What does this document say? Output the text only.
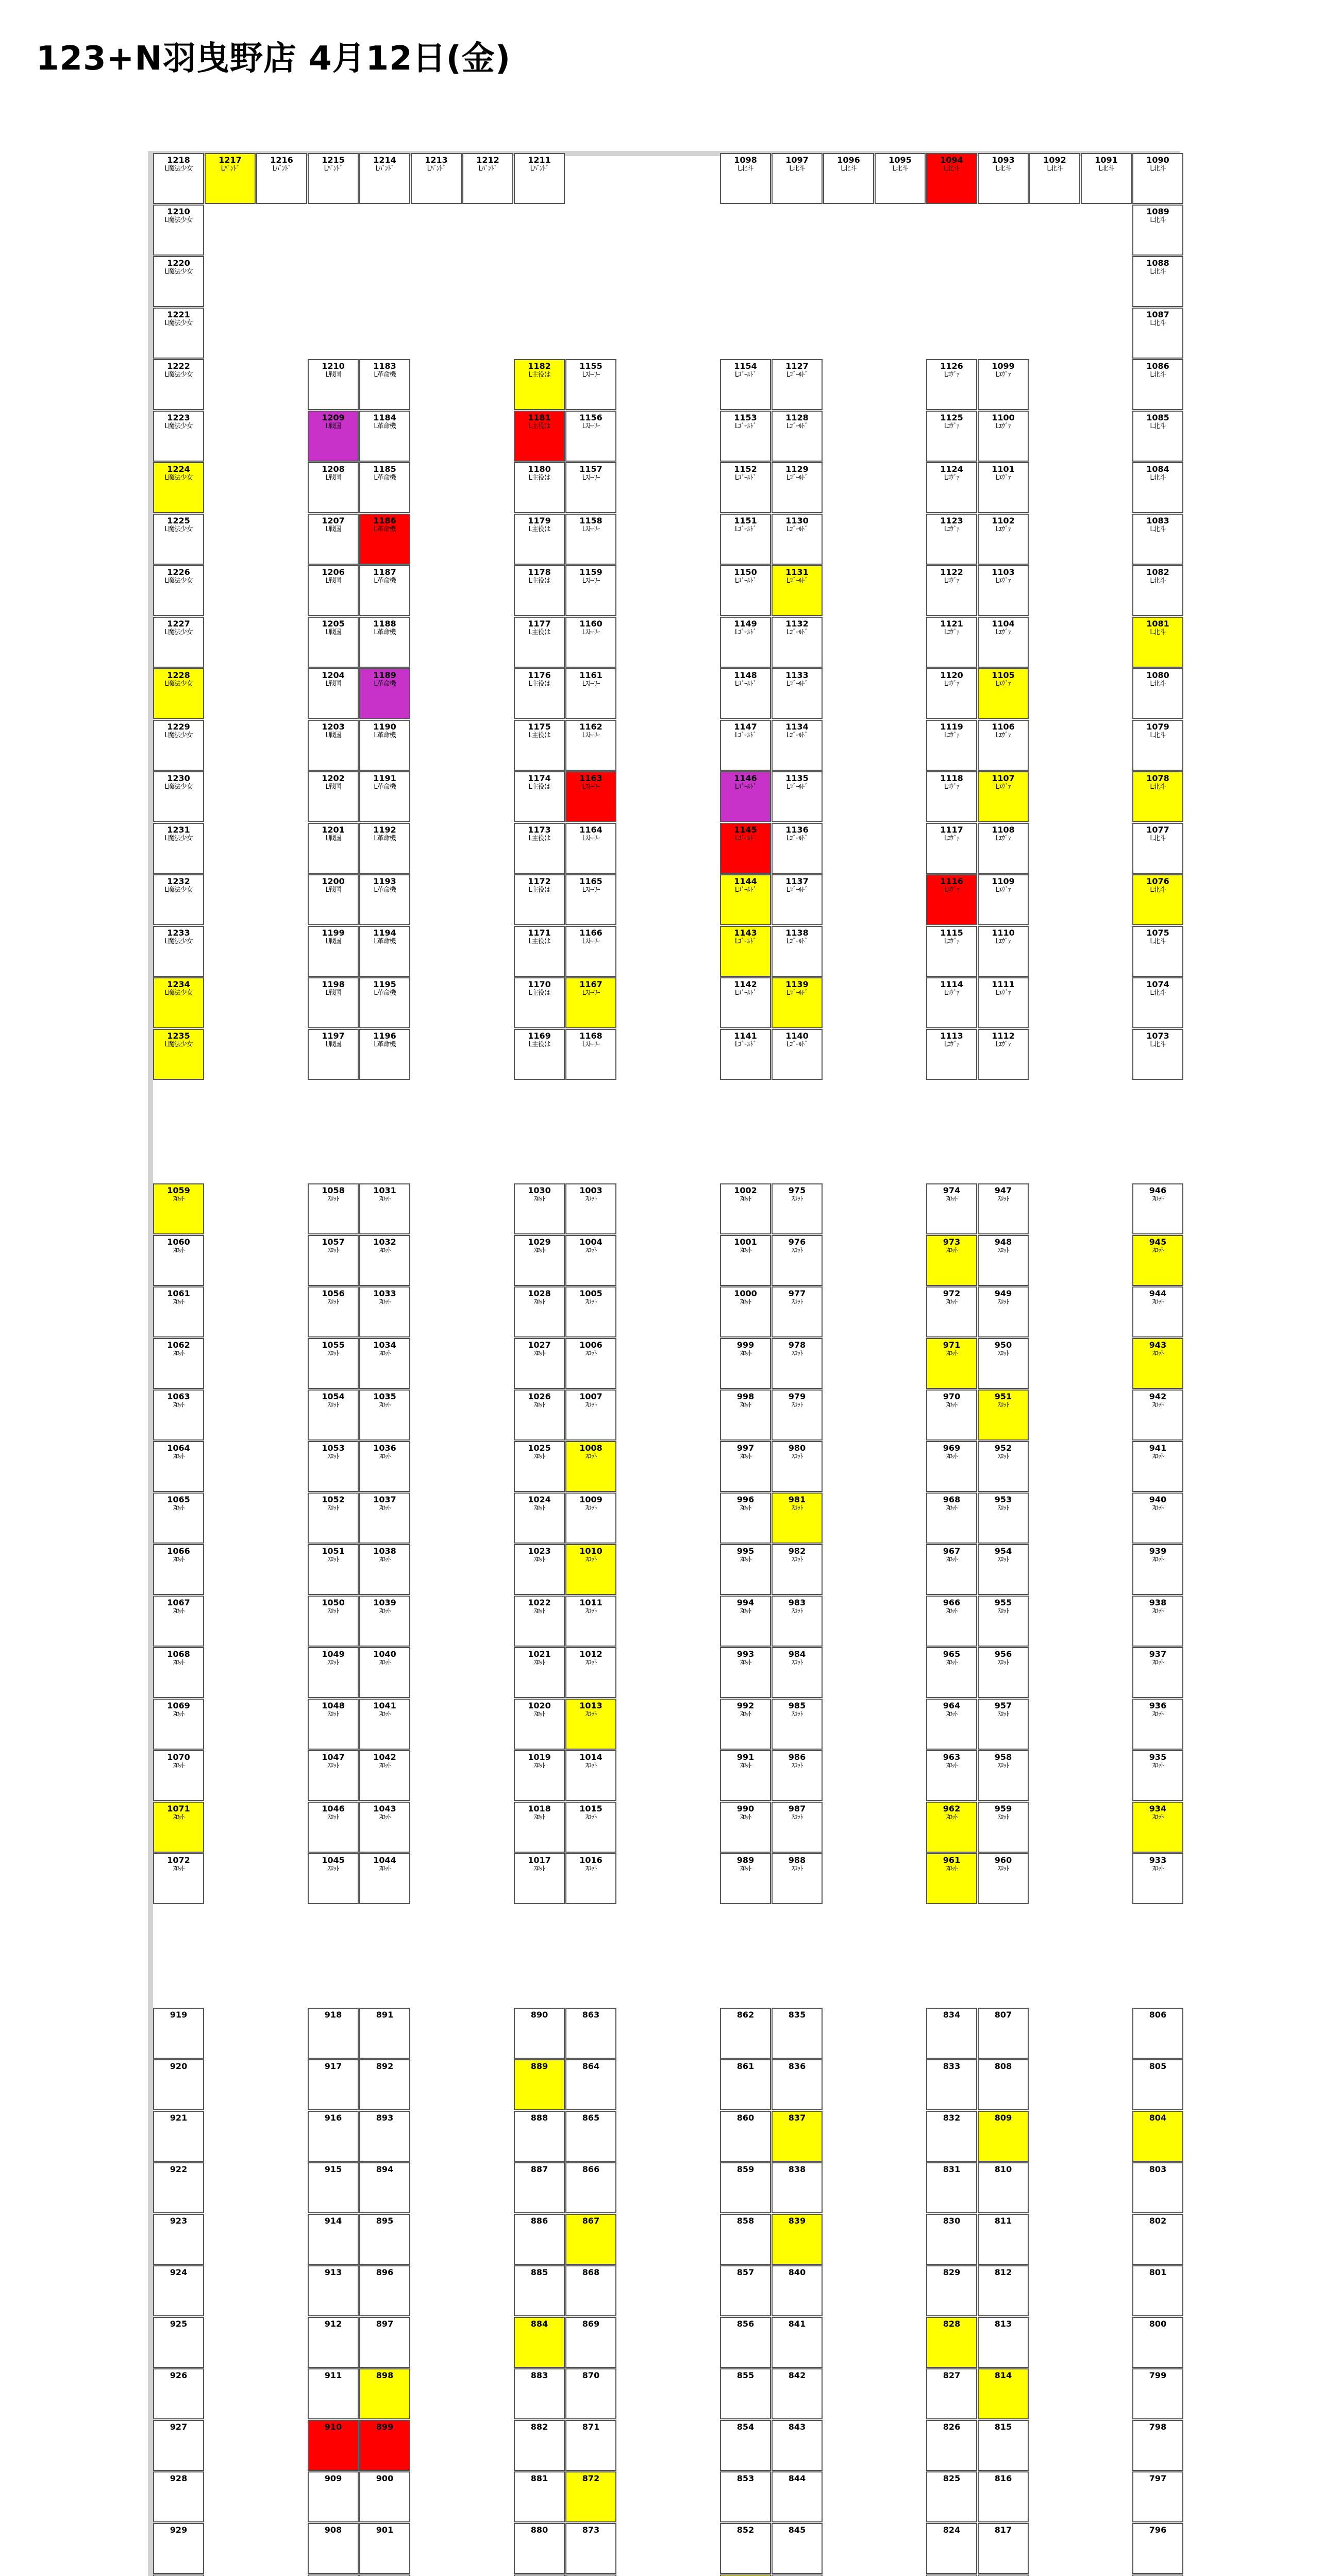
123+N羽曳野店 4月12日(金)
1218
L魔法少女
1210
L魔法少女
1220
L魔法少女
1221
L魔法少女
1222
L魔法少女
1223
L魔法少女
1224
L魔法少女
1225
L魔法少女
1226
L魔法少女
1227
L魔法少女
1228
L魔法少女
1229
L魔法少女
1230
L魔法少女
1231
L魔法少女
1232
L魔法少女
1233
L魔法少女
1234
L魔法少女
1235
L魔法少女
1059
ｽﾛｯﾄ
1060
ｽﾛｯﾄ
1061
ｽﾛｯﾄ
1062
ｽﾛｯﾄ
1063
ｽﾛｯﾄ
1064
ｽﾛｯﾄ
1065
ｽﾛｯﾄ
1066
ｽﾛｯﾄ
1067
ｽﾛｯﾄ
1068
ｽﾛｯﾄ
1069
ｽﾛｯﾄ
1070
ｽﾛｯﾄ
1071
ｽﾛｯﾄ
1072
ｽﾛｯﾄ
919
920
921
922
923
924
925
926
927
928
929
1217
Lﾊﾞﾝﾄﾞ
1216
Lﾊﾞﾝﾄﾞ
1215
Lﾊﾞﾝﾄﾞ
1210
L戦国
1209
L戦国
1208
L戦国
1207
L戦国
1206
L戦国
1205
L戦国
1204
L戦国
1203
L戦国
1202
L戦国
1201
L戦国
1200
L戦国
1199
L戦国
1198
L戦国
1197
L戦国
1058
ｽﾛｯﾄ
1057
ｽﾛｯﾄ
1056
ｽﾛｯﾄ
1055
ｽﾛｯﾄ
1054
ｽﾛｯﾄ
1053
ｽﾛｯﾄ
1052
ｽﾛｯﾄ
1051
ｽﾛｯﾄ
1050
ｽﾛｯﾄ
1049
ｽﾛｯﾄ
1048
ｽﾛｯﾄ
1047
ｽﾛｯﾄ
1046
ｽﾛｯﾄ
1045
ｽﾛｯﾄ
918
917
916
915
914
913
912
911
910
909
908
1214
Lﾊﾞﾝﾄﾞ
1183
L革命機
1184
L革命機
1185
L革命機
1186
L革命機
1187
L革命機
1188
L革命機
1189
L革命機
1190
L革命機
1191
L革命機
1192
L革命機
1193
L革命機
1194
L革命機
1195
L革命機
1196
L革命機
1031
ｽﾛｯﾄ
1032
ｽﾛｯﾄ
1033
ｽﾛｯﾄ
1034
ｽﾛｯﾄ
1035
ｽﾛｯﾄ
1036
ｽﾛｯﾄ
1037
ｽﾛｯﾄ
1038
ｽﾛｯﾄ
1039
ｽﾛｯﾄ
1040
ｽﾛｯﾄ
1041
ｽﾛｯﾄ
1042
ｽﾛｯﾄ
1043
ｽﾛｯﾄ
1044
ｽﾛｯﾄ
891
892
893
894
895
896
897
898
899
900
901
1213
Lﾊﾞﾝﾄﾞ
1212
Lﾊﾞﾝﾄﾞ
1211
Lﾊﾞﾝﾄﾞ
1182
L主役は
1181
L主役は
1180
L主役は
1179
L主役は
1178
L主役は
1177
L主役は
1176
L主役は
1175
L主役は
1174
L主役は
1173
L主役は
1172
L主役は
1171
L主役は
1170
L主役は
1169
L主役は
1030
ｽﾛｯﾄ
1029
ｽﾛｯﾄ
1028
ｽﾛｯﾄ
1027
ｽﾛｯﾄ
1026
ｽﾛｯﾄ
1025
ｽﾛｯﾄ
1024
ｽﾛｯﾄ
1023
ｽﾛｯﾄ
1022
ｽﾛｯﾄ
1021
ｽﾛｯﾄ
1020
ｽﾛｯﾄ
1019
ｽﾛｯﾄ
1018
ｽﾛｯﾄ
1017
ｽﾛｯﾄ
890
889
888
887
886
885
884
883
882
881
880
1155
Lｽﾄｰﾘｰ
1156
Lｽﾄｰﾘｰ
1157
Lｽﾄｰﾘｰ
1158
Lｽﾄｰﾘｰ
1159
Lｽﾄｰﾘｰ
1160
Lｽﾄｰﾘｰ
1161
Lｽﾄｰﾘｰ
1162
Lｽﾄｰﾘｰ
1163
Lｽﾄｰﾘｰ
1164
Lｽﾄｰﾘｰ
1165
Lｽﾄｰﾘｰ
1166
Lｽﾄｰﾘｰ
1167
Lｽﾄｰﾘｰ
1168
Lｽﾄｰﾘｰ
1003
ｽﾛｯﾄ
1004
ｽﾛｯﾄ
1005
ｽﾛｯﾄ
1006
ｽﾛｯﾄ
1007
ｽﾛｯﾄ
1008
ｽﾛｯﾄ
1009
ｽﾛｯﾄ
1010
ｽﾛｯﾄ
1011
ｽﾛｯﾄ
1012
ｽﾛｯﾄ
1013
ｽﾛｯﾄ
1014
ｽﾛｯﾄ
1015
ｽﾛｯﾄ
1016
ｽﾛｯﾄ
863
864
865
866
867
868
869
870
871
872
873
1098
L北斗
1154
Lｺﾞｰﾙﾄﾞ
1153
Lｺﾞｰﾙﾄﾞ
1152
Lｺﾞｰﾙﾄﾞ
1151
Lｺﾞｰﾙﾄﾞ
1150
Lｺﾞｰﾙﾄﾞ
1149
Lｺﾞｰﾙﾄﾞ
1148
Lｺﾞｰﾙﾄﾞ
1147
Lｺﾞｰﾙﾄﾞ
1146
Lｺﾞｰﾙﾄﾞ
1145
Lｺﾞｰﾙﾄﾞ
1144
Lｺﾞｰﾙﾄﾞ
1143
Lｺﾞｰﾙﾄﾞ
1142
Lｺﾞｰﾙﾄﾞ
1141
Lｺﾞｰﾙﾄﾞ
1002
ｽﾛｯﾄ
1001
ｽﾛｯﾄ
1000
ｽﾛｯﾄ
999
ｽﾛｯﾄ
998
ｽﾛｯﾄ
997
ｽﾛｯﾄ
996
ｽﾛｯﾄ
995
ｽﾛｯﾄ
994
ｽﾛｯﾄ
993
ｽﾛｯﾄ
992
ｽﾛｯﾄ
991
ｽﾛｯﾄ
990
ｽﾛｯﾄ
989
ｽﾛｯﾄ
862
861
860
859
858
857
856
855
854
853
852
1097
L北斗
1127
Lｺﾞｰﾙﾄﾞ
1128
Lｺﾞｰﾙﾄﾞ
1129
Lｺﾞｰﾙﾄﾞ
1130
Lｺﾞｰﾙﾄﾞ
1131
Lｺﾞｰﾙﾄﾞ
1132
Lｺﾞｰﾙﾄﾞ
1133
Lｺﾞｰﾙﾄﾞ
1134
Lｺﾞｰﾙﾄﾞ
1135
Lｺﾞｰﾙﾄﾞ
1136
Lｺﾞｰﾙﾄﾞ
1137
Lｺﾞｰﾙﾄﾞ
1138
Lｺﾞｰﾙﾄﾞ
1139
Lｺﾞｰﾙﾄﾞ
1140
Lｺﾞｰﾙﾄﾞ
975
ｽﾛｯﾄ
976
ｽﾛｯﾄ
977
ｽﾛｯﾄ
978
ｽﾛｯﾄ
979
ｽﾛｯﾄ
980
ｽﾛｯﾄ
981
ｽﾛｯﾄ
982
ｽﾛｯﾄ
983
ｽﾛｯﾄ
984
ｽﾛｯﾄ
985
ｽﾛｯﾄ
986
ｽﾛｯﾄ
987
ｽﾛｯﾄ
988
ｽﾛｯﾄ
835
836
837
838
839
840
841
842
843
844
845
1096
L北斗
1095
L北斗
1094
L北斗
1126
Lｴｳﾞｧ
1125
Lｴｳﾞｧ
1124
Lｴｳﾞｧ
1123
Lｴｳﾞｧ
1122
Lｴｳﾞｧ
1121
Lｴｳﾞｧ
1120
Lｴｳﾞｧ
1119
Lｴｳﾞｧ
1118
Lｴｳﾞｧ
1117
Lｴｳﾞｧ
1116
Lｴｳﾞｧ
1115
Lｴｳﾞｧ
1114
Lｴｳﾞｧ
1113
Lｴｳﾞｧ
974
ｽﾛｯﾄ
973
ｽﾛｯﾄ
972
ｽﾛｯﾄ
971
ｽﾛｯﾄ
970
ｽﾛｯﾄ
969
ｽﾛｯﾄ
968
ｽﾛｯﾄ
967
ｽﾛｯﾄ
966
ｽﾛｯﾄ
965
ｽﾛｯﾄ
964
ｽﾛｯﾄ
963
ｽﾛｯﾄ
962
ｽﾛｯﾄ
961
ｽﾛｯﾄ
834
833
832
831
830
829
828
827
826
825
824
1093
L北斗
1099
Lｴｳﾞｧ
1100
Lｴｳﾞｧ
1101
Lｴｳﾞｧ
1102
Lｴｳﾞｧ
1103
Lｴｳﾞｧ
1104
Lｴｳﾞｧ
1105
Lｴｳﾞｧ
1106
Lｴｳﾞｧ
1107
Lｴｳﾞｧ
1108
Lｴｳﾞｧ
1109
Lｴｳﾞｧ
1110
Lｴｳﾞｧ
1111
Lｴｳﾞｧ
1112
Lｴｳﾞｧ
947
ｽﾛｯﾄ
948
ｽﾛｯﾄ
949
ｽﾛｯﾄ
950
ｽﾛｯﾄ
951
ｽﾛｯﾄ
952
ｽﾛｯﾄ
953
ｽﾛｯﾄ
954
ｽﾛｯﾄ
955
ｽﾛｯﾄ
956
ｽﾛｯﾄ
957
ｽﾛｯﾄ
958
ｽﾛｯﾄ
959
ｽﾛｯﾄ
960
ｽﾛｯﾄ
807
808
809
810
811
812
813
814
815
816
817
1092
L北斗
1091
L北斗
1090
L北斗
1089
L北斗
1088
L北斗
1087
L北斗
1086
L北斗
1085
L北斗
1084
L北斗
1083
L北斗
1082
L北斗
1081
L北斗
1080
L北斗
1079
L北斗
1078
L北斗
1077
L北斗
1076
L北斗
1075
L北斗
1074
L北斗
1073
L北斗
946
ｽﾛｯﾄ
945
ｽﾛｯﾄ
944
ｽﾛｯﾄ
943
ｽﾛｯﾄ
942
ｽﾛｯﾄ
941
ｽﾛｯﾄ
940
ｽﾛｯﾄ
939
ｽﾛｯﾄ
938
ｽﾛｯﾄ
937
ｽﾛｯﾄ
936
ｽﾛｯﾄ
935
ｽﾛｯﾄ
934
ｽﾛｯﾄ
933
ｽﾛｯﾄ
806
805
804
803
802
801
800
799
798
797
796
